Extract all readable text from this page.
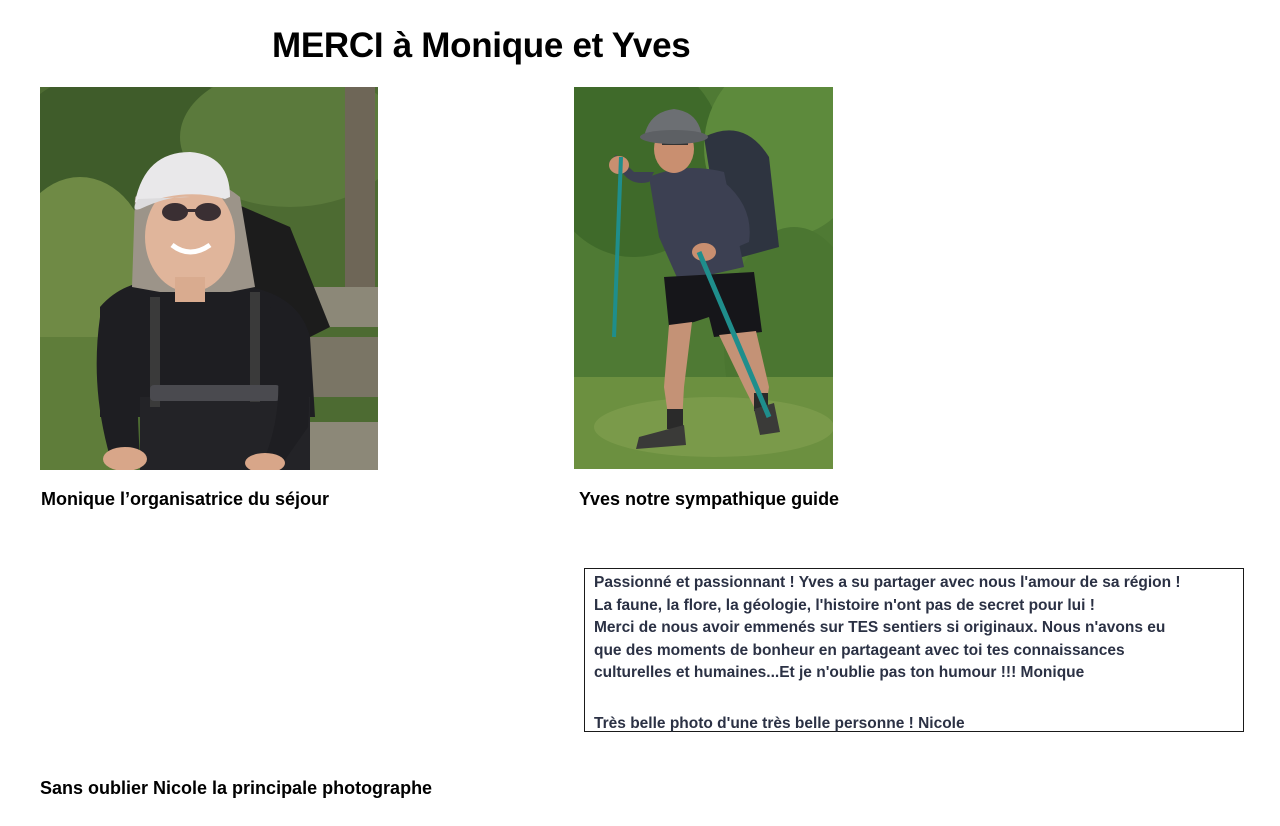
MERCI à Monique et Yves
Monique l’organisatrice du séjour	Yves notre sympathique guide

Passionné et passionnant ! Yves a su partager avec nous l'amour de sa région !

La faune, la flore, la géologie, l'histoire n'ont pas de secret pour lui !

Merci de nous avoir emmenés sur TES sentiers si originaux. Nous n'avons eu

que des moments de bonheur en partageant avec toi tes connaissances

culturelles et humaines...Et je n'oublie pas ton humour !!! Monique

Très belle photo d'une très belle personne ! Nicole

Sans oublier Nicole la principale photographe
